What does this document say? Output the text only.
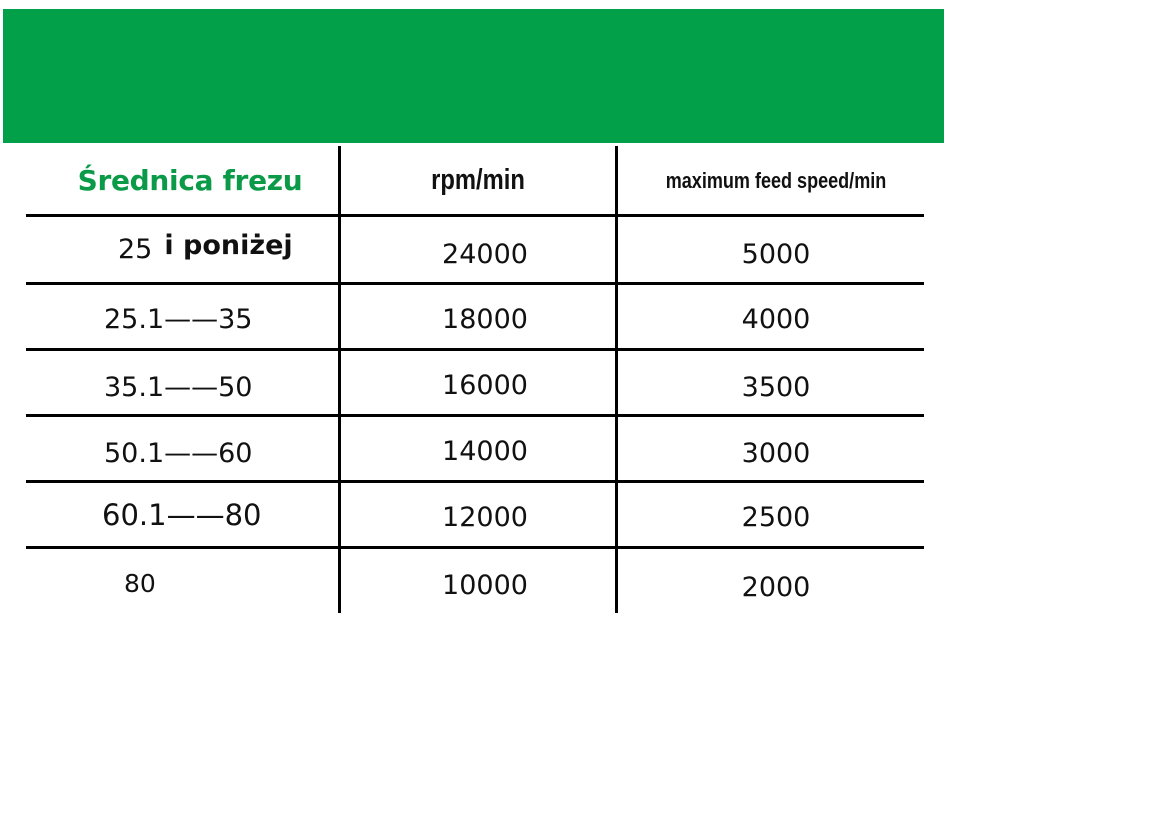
Średnica frezu	rpm/min	maximum feed speed/min
25 i poniżej	24000	5000
25.1——35	18000	4000
35.1——50	16000	3500
50.1——60	14000	3000
60.1——80	12000	2500
80	10000	2000
